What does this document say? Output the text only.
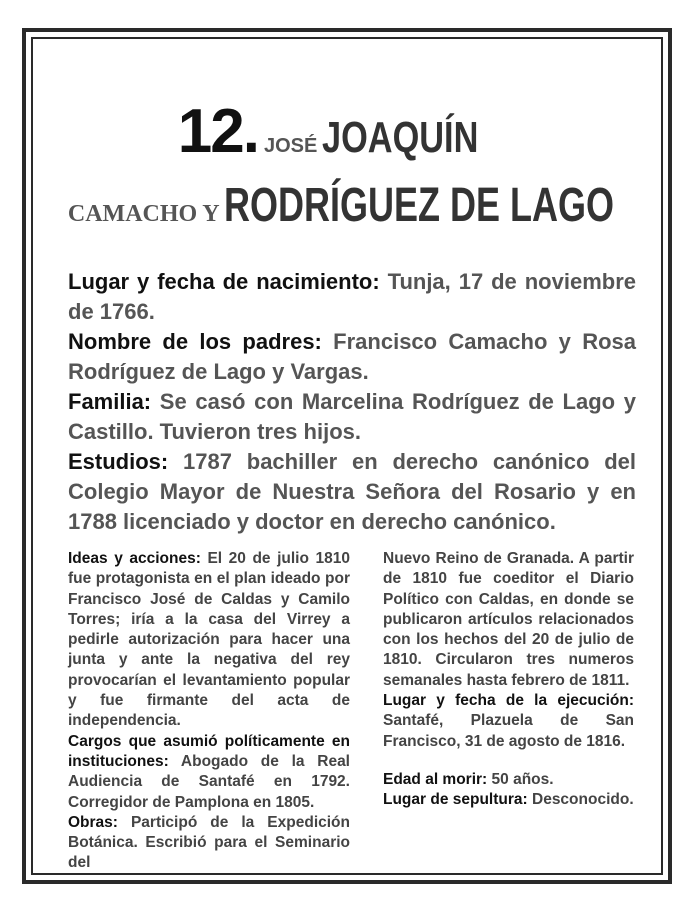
12. JOSÉ JOAQUÍN
CAMACHO Y RODRÍGUEZ DE LAGO

Lugar y fecha de nacimiento: Tunja, 17 de noviembre de 1766.

Nombre de los padres: Francisco Camacho y Rosa Rodríguez de Lago y Vargas.

Familia: Se casó con Marcelina Rodríguez de Lago y Castillo. Tuvieron tres hijos.

Estudios: 1787 bachiller en derecho canónico del Colegio Mayor de Nuestra Señora del Rosario y en 1788 licenciado y doctor en derecho canónico.

Ideas y acciones: El 20 de julio 1810 fue protagonista en el plan ideado por Francisco José de Caldas y Camilo Torres; iría a la casa del Virrey a pedirle autorización para hacer una junta y ante la negativa del rey provocarían el levantamiento popular y fue firmante del acta de independencia.

Cargos que asumió políticamente en instituciones: Abogado de la Real Audiencia de Santafé en 1792. Corregidor de Pamplona en 1805.

Obras: Participó de la Expedición Botánica. Escribió para el Seminario del

Nuevo Reino de Granada. A partir de 1810 fue coeditor el Diario Político con Caldas, en donde se publicaron artículos relacionados con los hechos del 20 de julio de 1810. Circularon tres numeros semanales hasta febrero de 1811.

Lugar y fecha de la ejecución: Santafé, Plazuela de San Francisco, 31 de agosto de 1816.

Edad al morir: 50 años.

Lugar de sepultura: Desconocido.
